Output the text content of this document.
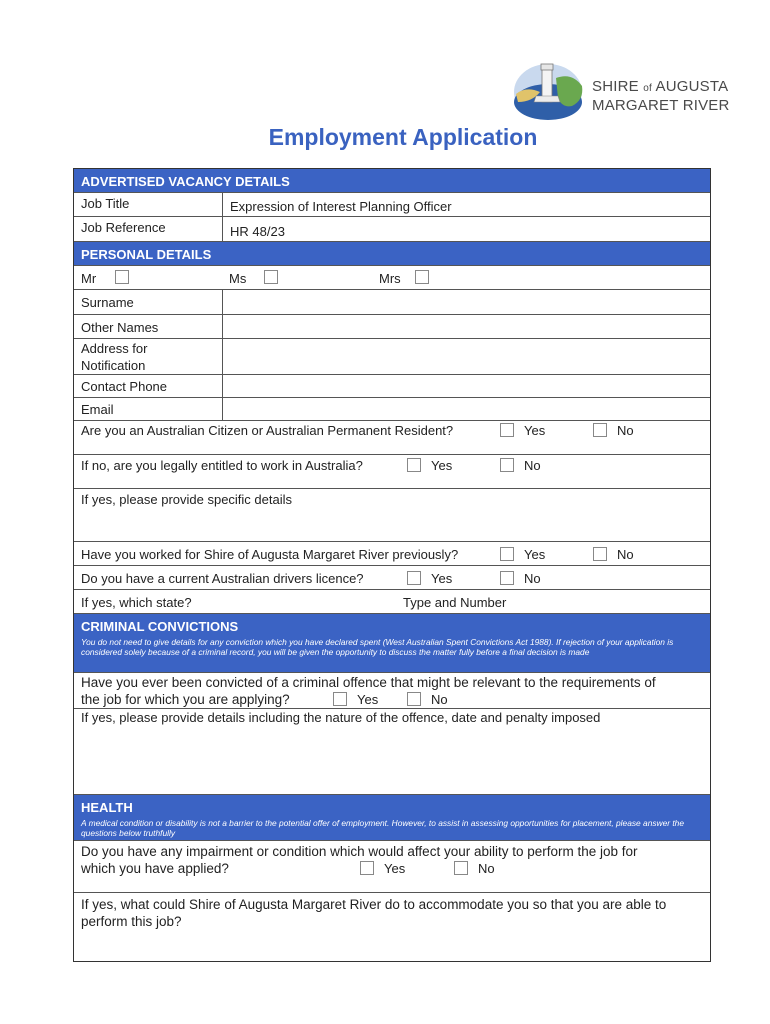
SHIRE of AUGUSTA
MARGARET RIVER
Employment Application
ADVERTISED VACANCY DETAILS
Job Title	Expression of Interest Planning Officer
Job Reference	HR 48/23
PERSONAL DETAILS
Mr	Ms	Mrs
Surname
Other Names
Address for
Notification
Contact Phone
Email
Are you an Australian Citizen or Australian Permanent Resident?	Yes	No
If no, are you legally entitled to work in Australia?	Yes	No
If yes, please provide specific details
Have you worked for Shire of Augusta Margaret River previously?	Yes	No
Do you have a current Australian drivers licence?	Yes	No
If yes, which state?	Type and Number
CRIMINAL CONVICTIONS
You do not need to give details for any conviction which you have declared spent (West Australian Spent Convictions Act 1988). If rejection of your application is considered solely because of a criminal record, you will be given the opportunity to discuss the matter fully before a final decision is made
Have you ever been convicted of a criminal offence that might be relevant to the requirements of
the job for which you are applying?	Yes	No
If yes, please provide details including the nature of the offence, date and penalty imposed
HEALTH
A medical condition or disability is not a barrier to the potential offer of employment. However, to assist in assessing opportunities for placement, please answer the questions below truthfully
Do you have any impairment or condition which would affect your ability to perform the job for
which you have applied?	Yes	No
If yes, what could Shire of Augusta Margaret River do to accommodate you so that you are able to
perform this job?
